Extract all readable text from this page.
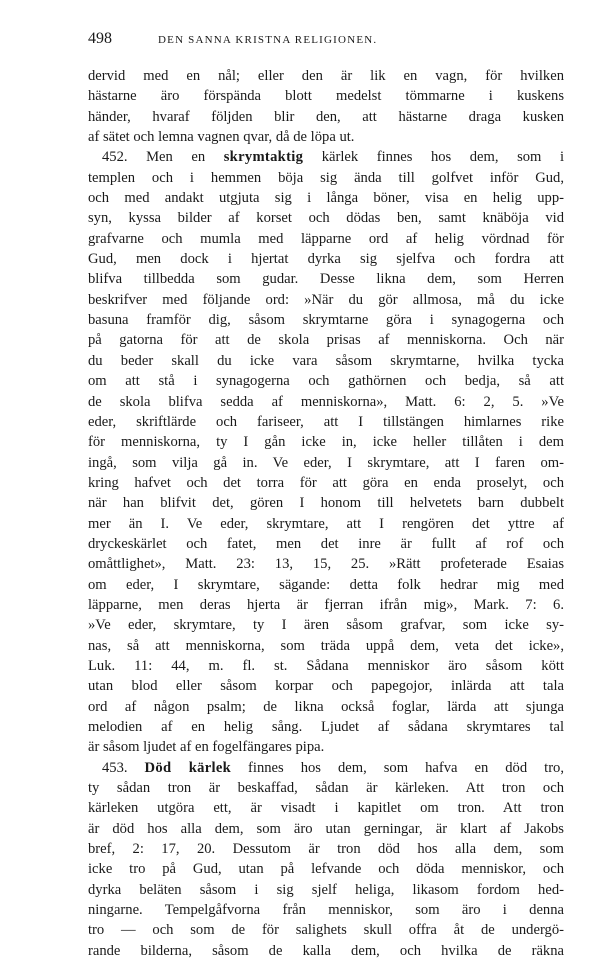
498	DEN SANNA KRISTNA RELIGIONEN.
dervid med en nål; eller den är lik en vagn, för hvilken
hästarne äro förspända blott medelst tömmarne i kuskens
händer, hvaraf följden blir den, att hästarne draga kusken
af sätet och lemna vagnen qvar, då de löpa ut.
452. Men en skrymtaktig kärlek finnes hos dem, som i
templen och i hemmen böja sig ända till golfvet inför Gud,
och med andakt utgjuta sig i långa böner, visa en helig upp-
syn, kyssa bilder af korset och dödas ben, samt knäböja vid
grafvarne och mumla med läpparne ord af helig vördnad för
Gud, men dock i hjertat dyrka sig sjelfva och fordra att
blifva tillbedda som gudar. Desse likna dem, som Herren
beskrifver med följande ord: »När du gör allmosa, må du icke
basuna framför dig, såsom skrymtarne göra i synagogerna och
på gatorna för att de skola prisas af menniskorna. Och när
du beder skall du icke vara såsom skrymtarne, hvilka tycka
om att stå i synagogerna och gathörnen och bedja, så att
de skola blifva sedda af menniskorna», Matt. 6: 2, 5. »Ve
eder, skriftlärde och fariseer, att I tillstängen himlarnes rike
för menniskorna, ty I gån icke in, icke heller tillåten i dem
ingå, som vilja gå in. Ve eder, I skrymtare, att I faren om-
kring hafvet och det torra för att göra en enda proselyt, och
när han blifvit det, gören I honom till helvetets barn dubbelt
mer än I. Ve eder, skrymtare, att I rengören det yttre af
dryckeskärlet och fatet, men det inre är fullt af rof och
omåttlighet», Matt. 23: 13, 15, 25. »Rätt profeterade Esaias
om eder, I skrymtare, sägande: detta folk hedrar mig med
läpparne, men deras hjerta är fjerran ifrån mig», Mark. 7: 6.
»Ve eder, skrymtare, ty I ären såsom grafvar, som icke sy-
nas, så att menniskorna, som träda uppå dem, veta det icke»,
Luk. 11: 44, m. fl. st. Sådana menniskor äro såsom kött
utan blod eller såsom korpar och papegojor, inlärda att tala
ord af någon psalm; de likna också foglar, lärda att sjunga
melodien af en helig sång. Ljudet af sådana skrymtares tal
är såsom ljudet af en fogelfängares pipa.
453. Död kärlek finnes hos dem, som hafva en död tro,
ty sådan tron är beskaffad, sådan är kärleken. Att tron och
kärleken utgöra ett, är visadt i kapitlet om tron. Att tron
är död hos alla dem, som äro utan gerningar, är klart af Jakobs
bref, 2: 17, 20. Dessutom är tron död hos alla dem, som
icke tro på Gud, utan på lefvande och döda menniskor, och
dyrka beläten såsom i sig sjelf heliga, likasom fordom hed-
ningarne. Tempelgåfvorna från menniskor, som äro i denna
tro — och som de för salighets skull offra åt de undergö-
rande bilderna, såsom de kalla dem, och hvilka de räkna
